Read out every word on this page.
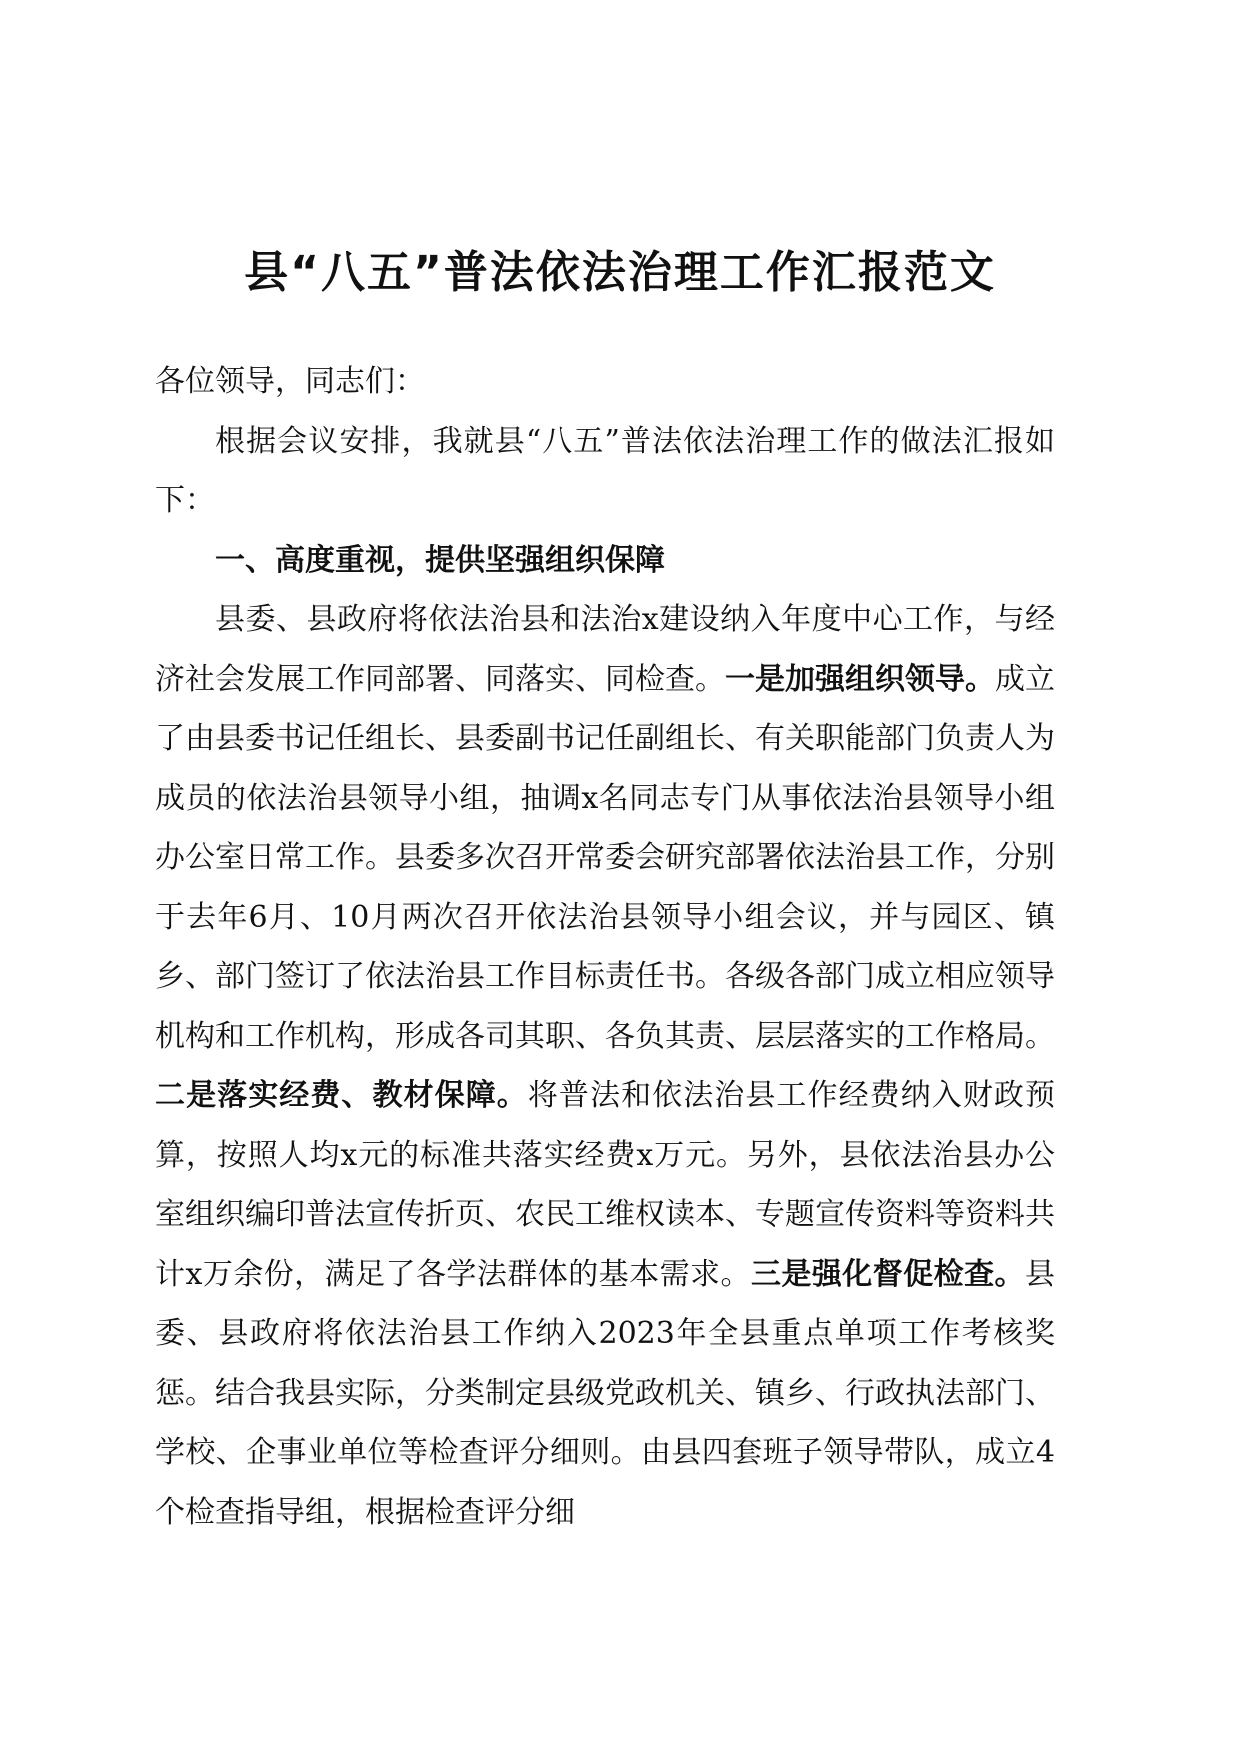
县“八五”普法依法治理工作汇报范文

各位领导，同志们：

根据会议安排，我就县“八五”普法依法治理工作的做法汇报如下：

一、高度重视，提供坚强组织保障

县委、县政府将依法治县和法治x建设纳入年度中心工作，与经济社会发展工作同部署、同落实、同检查。一是加强组织领导。成立了由县委书记任组长、县委副书记任副组长、有关职能部门负责人为成员的依法治县领导小组，抽调x名同志专门从事依法治县领导小组办公室日常工作。县委多次召开常委会研究部署依法治县工作，分别于去年6月、10月两次召开依法治县领导小组会议，并与园区、镇乡、部门签订了依法治县工作目标责任书。各级各部门成立相应领导机构和工作机构，形成各司其职、各负其责、层层落实的工作格局。二是落实经费、教材保障。将普法和依法治县工作经费纳入财政预算，按照人均x元的标准共落实经费x万元。另外，县依法治县办公室组织编印普法宣传折页、农民工维权读本、专题宣传资料等资料共计x万余份，满足了各学法群体的基本需求。三是强化督促检查。县委、县政府将依法治县工作纳入2023年全县重点单项工作考核奖惩。结合我县实际，分类制定县级党政机关、镇乡、行政执法部门、学校、企事业单位等检查评分细则。由县四套班子领导带队，成立4个检查指导组，根据检查评分细
